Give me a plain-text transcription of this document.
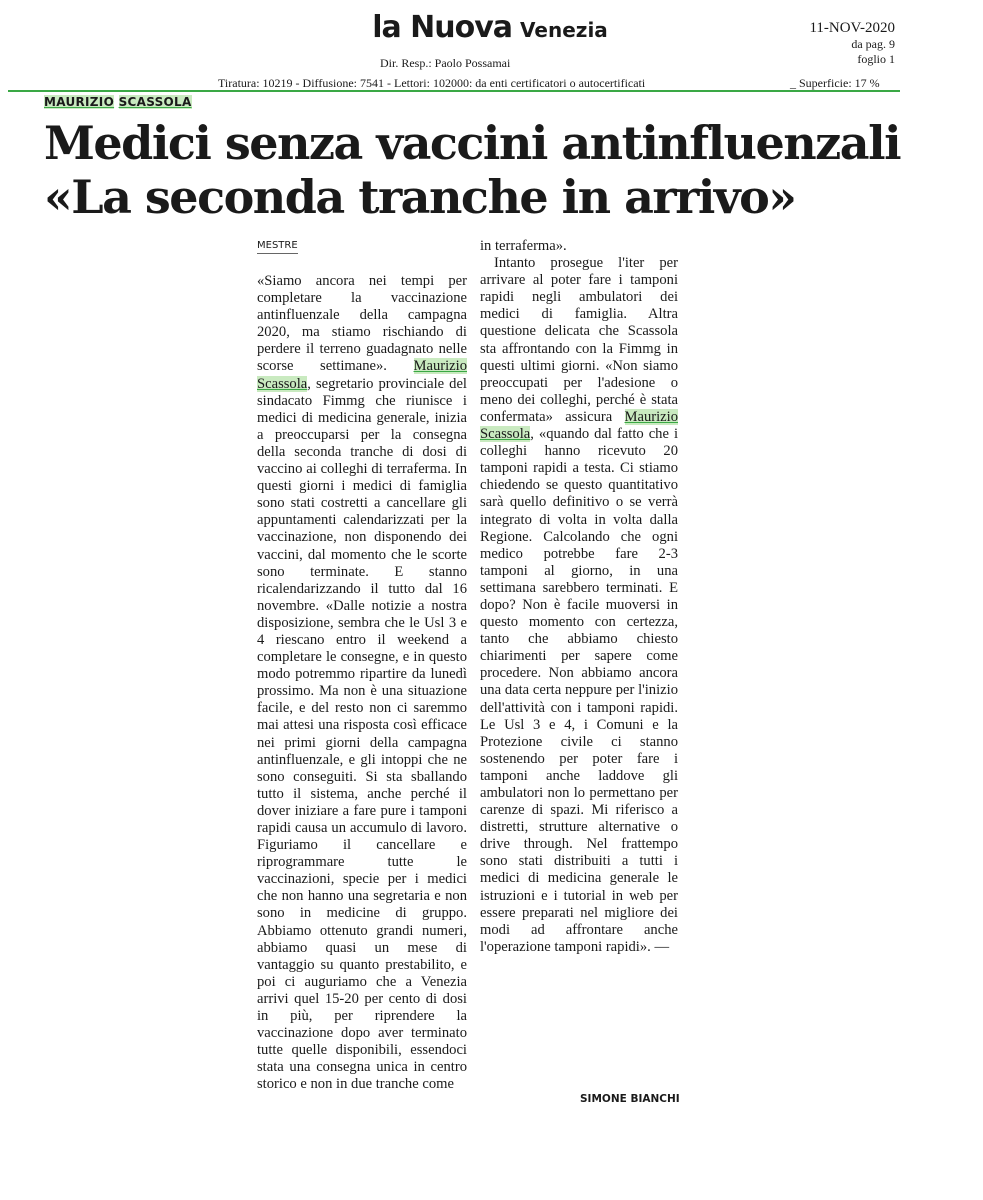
la Nuova Venezia
Dir. Resp.: Paolo Possamai
Tiratura: 10219 - Diffusione: 7541 - Lettori: 102000: da enti certificatori o autocertificati
11-NOV-2020
da pag. 9
foglio 1
_ Superficie: 17 %
MAURIZIO SCASSOLA
Medici senza vaccini antinfluenzali
«La seconda tranche in arrivo»
MESTRE

«Siamo ancora nei tempi per completare la vaccinazione antinfluenzale della campagna 2020, ma stiamo rischiando di perdere il terreno guadagnato nelle scorse settimane». Maurizio Scassola, segretario provinciale del sindacato Fimmg che riunisce i medici di medicina generale, inizia a preoccuparsi per la consegna della seconda tranche di dosi di vaccino ai colleghi di terraferma. In questi giorni i medici di famiglia sono stati costretti a cancellare gli appuntamenti calendarizzati per la vaccinazione, non disponendo dei vaccini, dal momento che le scorte sono terminate. E stanno ricalendarizzando il tutto dal 16 novembre. «Dalle notizie a nostra disposizione, sembra che le Usl 3 e 4 riescano entro il weekend a completare le consegne, e in questo modo potremmo ripartire da lunedì prossimo. Ma non è una situazione facile, e del resto non ci saremmo mai attesi una risposta così efficace nei primi giorni della campagna antinfluenzale, e gli intoppi che ne sono conseguiti. Si sta sballando tutto il sistema, anche perché il dover iniziare a fare pure i tamponi rapidi causa un accumulo di lavoro. Figuriamo il cancellare e riprogrammare tutte le vaccinazioni, specie per i medici che non hanno una segretaria e non sono in medicine di gruppo. Abbiamo ottenuto grandi numeri, abbiamo quasi un mese di vantaggio su quanto prestabilito, e poi ci auguriamo che a Venezia arrivi quel 15-20 per cento di dosi in più, per riprendere la vaccinazione dopo aver terminato tutte quelle disponibili, essendoci stata una consegna unica in centro storico e non in due tranche come

in terraferma».

Intanto prosegue l'iter per arrivare al poter fare i tamponi rapidi negli ambulatori dei medici di famiglia. Altra questione delicata che Scassola sta affrontando con la Fimmg in questi ultimi giorni. «Non siamo preoccupati per l'adesione o meno dei colleghi, perché è stata confermata» assicura Maurizio Scassola, «quando dal fatto che i colleghi hanno ricevuto 20 tamponi rapidi a testa. Ci stiamo chiedendo se questo quantitativo sarà quello definitivo o se verrà integrato di volta in volta dalla Regione. Calcolando che ogni medico potrebbe fare 2-3 tamponi al giorno, in una settimana sarebbero terminati. E dopo? Non è facile muoversi in questo momento con certezza, tanto che abbiamo chiesto chiarimenti per sapere come procedere. Non abbiamo ancora una data certa neppure per l'inizio dell'attività con i tamponi rapidi. Le Usl 3 e 4, i Comuni e la Protezione civile ci stanno sostenendo per poter fare i tamponi anche laddove gli ambulatori non lo permettano per carenze di spazi. Mi riferisco a distretti, strutture alternative o drive through. Nel frattempo sono stati distribuiti a tutti i medici di medicina generale le istruzioni e i tutorial in web per essere preparati nel migliore dei modi ad affrontare anche l'operazione tamponi rapidi». —

SIMONE BIANCHI
